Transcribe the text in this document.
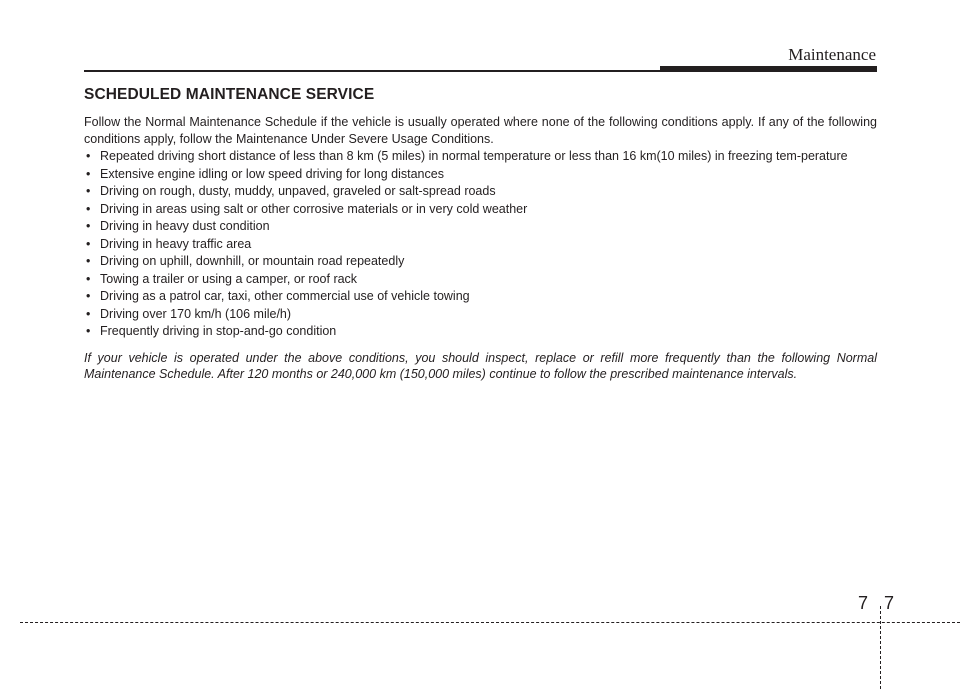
Maintenance
SCHEDULED MAINTENANCE SERVICE

Follow the Normal Maintenance Schedule if the vehicle is usually operated where none of the following conditions apply. If any of the following conditions apply, follow the Maintenance Under Severe Usage Conditions.

• Repeated driving short distance of less than 8 km (5 miles) in normal temperature or less than 16 km(10 miles) in freezing tem-perature
• Extensive engine idling or low speed driving for long distances
• Driving on rough, dusty, muddy, unpaved, graveled or salt-spread roads
• Driving in areas using salt or other corrosive materials or in very cold weather
• Driving in heavy dust condition
• Driving in heavy traffic area
• Driving on uphill, downhill, or mountain road repeatedly
• Towing a trailer or using a camper, or roof rack
• Driving as a patrol car, taxi, other commercial use of vehicle towing
• Driving over 170 km/h (106 mile/h)
• Frequently driving in stop-and-go condition

If your vehicle is operated under the above conditions, you should inspect, replace or refill more frequently than the following Normal Maintenance Schedule. After 120 months or 240,000 km (150,000 miles) continue to follow the prescribed maintenance intervals.

7 7
